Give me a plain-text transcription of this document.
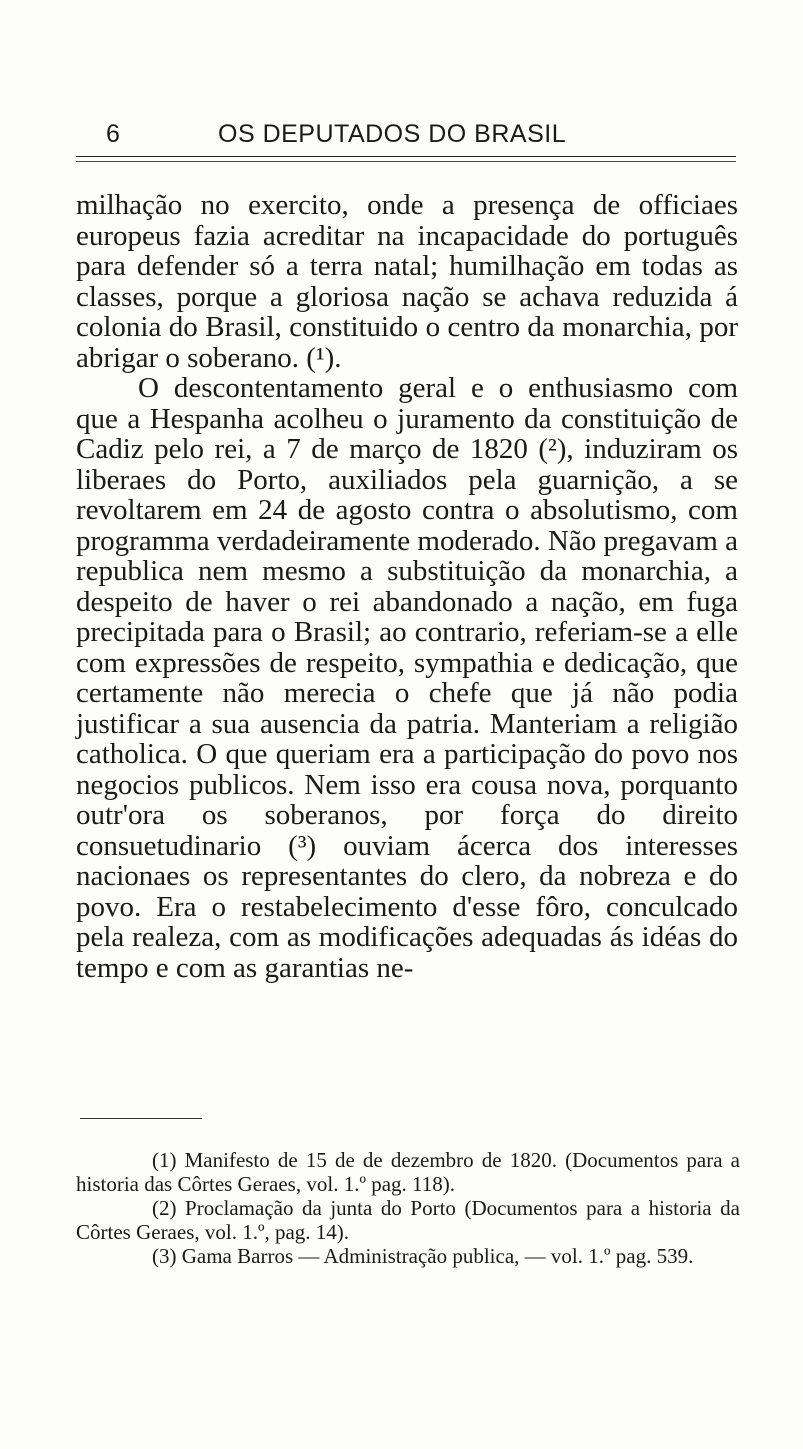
6	OS DEPUTADOS DO BRASIL

milhação no exercito, onde a presença de officiaes europeus fazia acreditar na incapacidade do português para defender só a terra natal; humilhação em todas as classes, porque a gloriosa nação se achava reduzida á colonia do Brasil, constituido o centro da monarchia, por abrigar o soberano. (¹).

O descontentamento geral e o enthusiasmo com que a Hespanha acolheu o juramento da constituição de Cadiz pelo rei, a 7 de março de 1820 (²), induziram os liberaes do Porto, auxiliados pela guarnição, a se revoltarem em 24 de agosto contra o absolutismo, com programma verdadeiramente moderado. Não pregavam a republica nem mesmo a substituição da monarchia, a despeito de haver o rei abandonado a nação, em fuga precipitada para o Brasil; ao contrario, referiam-se a elle com expressões de respeito, sympathia e dedicação, que certamente não merecia o chefe que já não podia justificar a sua ausencia da patria. Manteriam a religião catholica. O que queriam era a participação do povo nos negocios publicos. Nem isso era cousa nova, porquanto outr'ora os soberanos, por força do direito consuetudinario (³) ouviam ácerca dos interesses nacionaes os representantes do clero, da nobreza e do povo. Era o restabelecimento d'esse fôro, conculcado pela realeza, com as modificações adequadas ás idéas do tempo e com as garantias ne-

(1) Manifesto de 15 de de dezembro de 1820. (Documentos para a historia das Côrtes Geraes, vol. 1.º pag. 118).

(2) Proclamação da junta do Porto (Documentos para a historia da Côrtes Geraes, vol. 1.º, pag. 14).

(3) Gama Barros — Administração publica, — vol. 1.º pag. 539.
